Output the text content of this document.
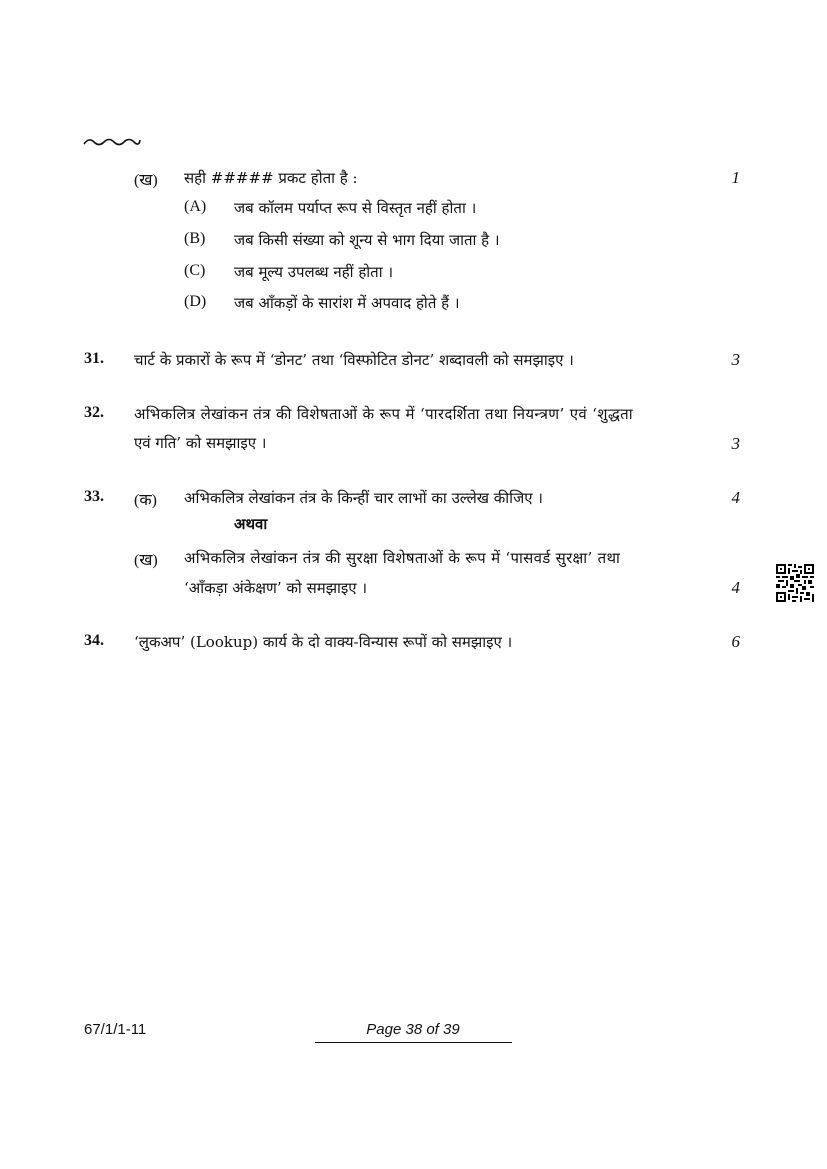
(ख) सही ##### प्रकट होता है :	1
(A) जब कॉलम पर्याप्त रूप से विस्तृत नहीं होता ।
(B) जब किसी संख्या को शून्य से भाग दिया जाता है ।
(C) जब मूल्य उपलब्ध नहीं होता ।
(D) जब आँकड़ों के सारांश में अपवाद होते हैं ।
31. चार्ट के प्रकारों के रूप में ‘डोनट’ तथा ‘विस्फोटित डोनट’ शब्दावली को समझाइए ।	3
32. अभिकलित्र लेखांकन तंत्र की विशेषताओं के रूप में ‘पारदर्शिता तथा नियन्त्रण’ एवं ‘शुद्धता
एवं गति’ को समझाइए ।	3
33. (क) अभिकलित्र लेखांकन तंत्र के किन्हीं चार लाभों का उल्लेख कीजिए ।	4
अथवा
(ख) अभिकलित्र लेखांकन तंत्र की सुरक्षा विशेषताओं के रूप में ‘पासवर्ड सुरक्षा’ तथा
‘आँकड़ा अंकेक्षण’ को समझाइए ।	4
34. ‘लुकअप’ (Lookup) कार्य के दो वाक्य-विन्यास रूपों को समझाइए ।	6
67/1/1-11	Page 38 of 39
